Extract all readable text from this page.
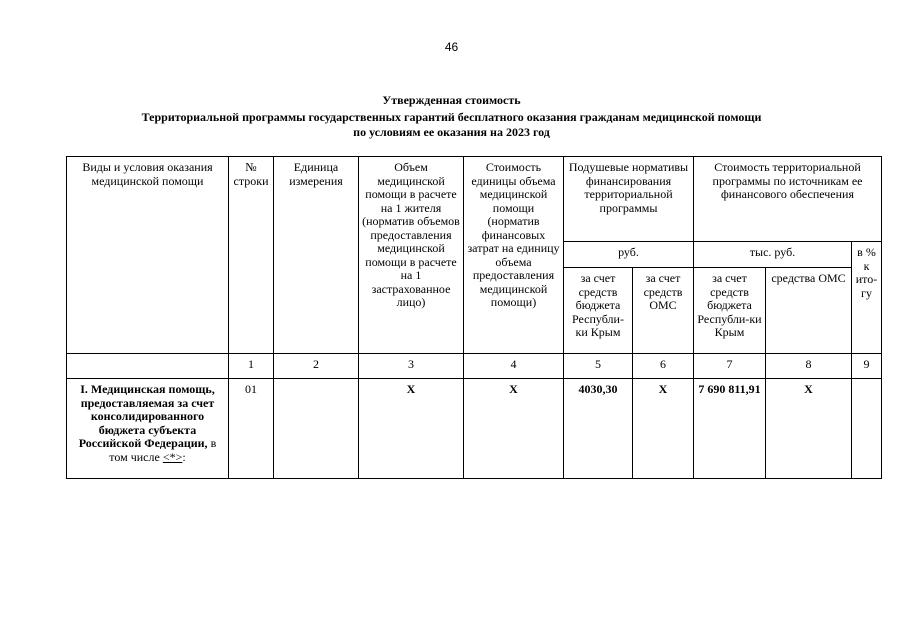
46
Утвержденная стоимость
Территориальной программы государственных гарантий бесплатного оказания гражданам медицинской помощи
по условиям ее оказания на 2023 год
Виды и условия оказания медицинской помощи	№ строки	Единица измерения	Объем медицинской помощи в расчете на 1 жителя (норматив объемов предоставления медицинской помощи в расчете на 1 застрахованное лицо)	Стоимость единицы объема медицинской помощи (норматив финансовых затрат на единицу объема предоставления медицинской помощи)	Подушевые нормативы финансирования территориальной программы		Стоимость территориальной программы по источникам ее финансового обеспечения		
					руб.		тыс. руб.		в % к ито-гу
					за счет средств бюджета Республи-ки Крым	за счет средств ОМС	за счет средств бюджета Республи-ки Крым	средства ОМС	
	1	2	3	4	5	6	7	8	9
I. Медицинская помощь, предоставляемая за счет консолидированного бюджета субъекта Российской Федерации, в том числе <*>:	01		X	X	4030,30	X	7 690 811,91	X	
